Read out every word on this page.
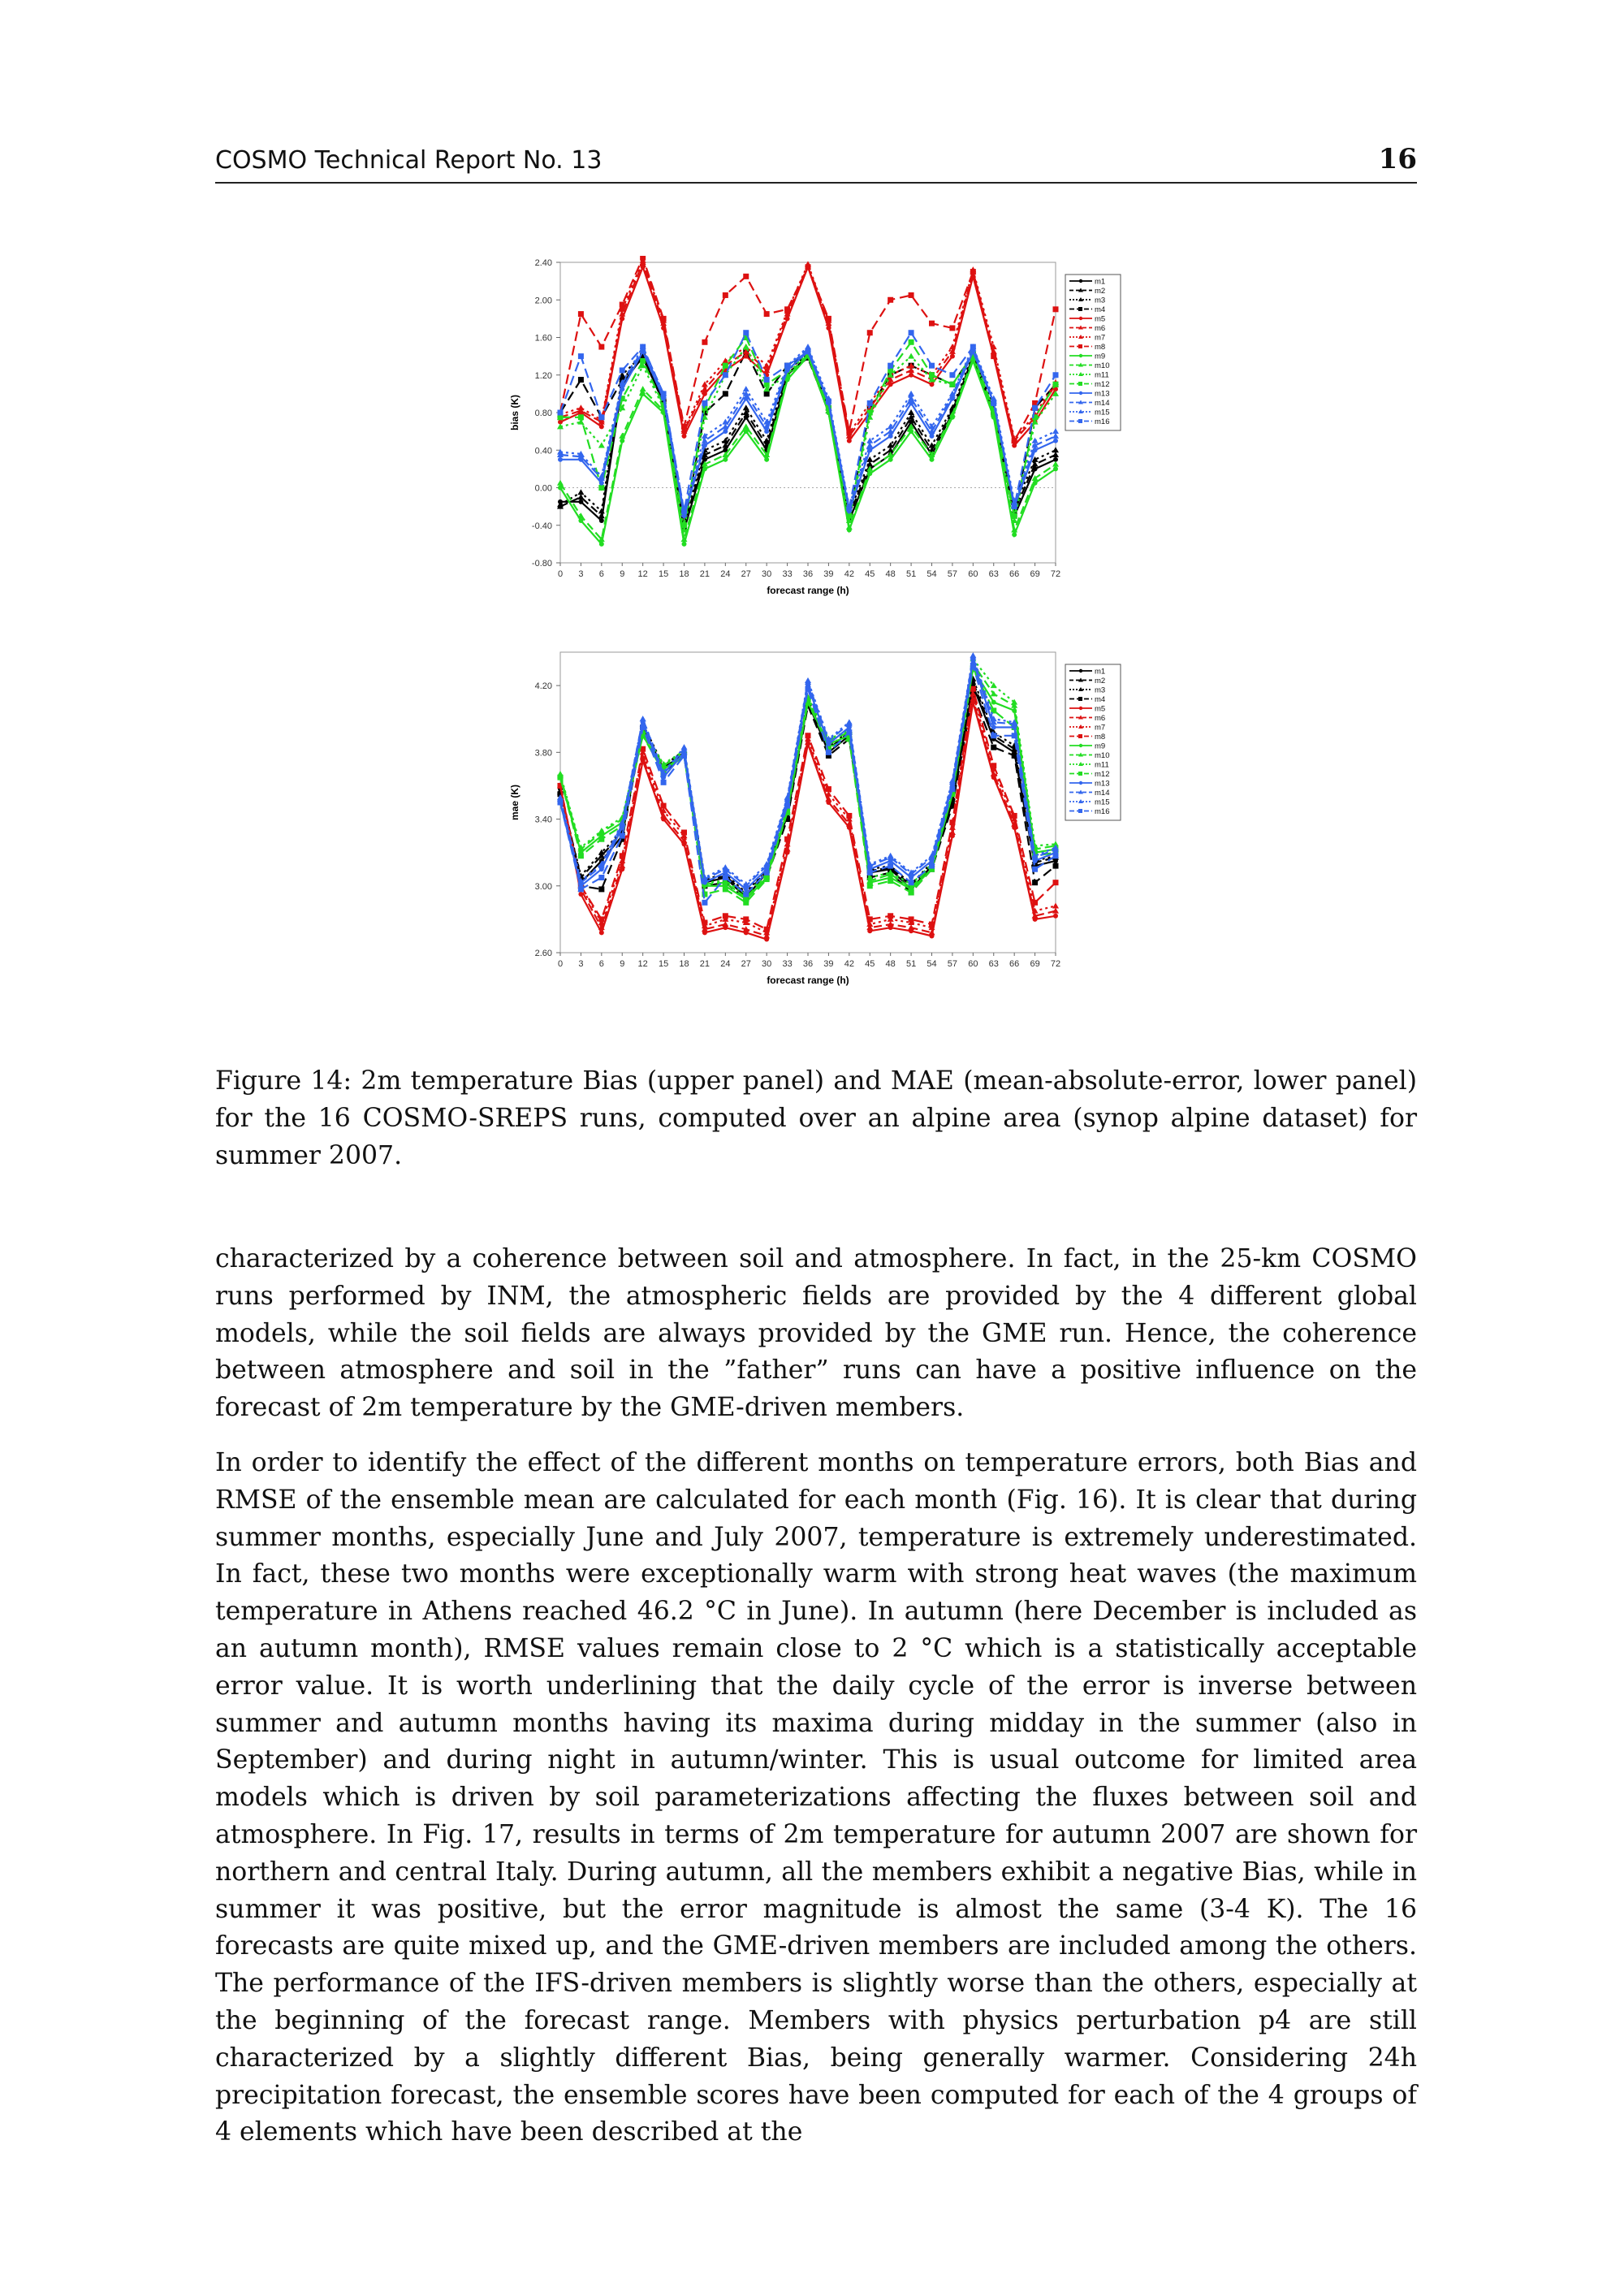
COSMO Technical Report No. 13	16
2.40
2.00
1.60
1.20
0.80
0.40
0.00
-0.40
-0.80
0 3 6 9 12 15 18 21 24 27 30 33 36 39 42 45 48 51 54 57 60 63 66 69 72
forecast range (h)
bias (K)
m1
m2
m3
m4
m5
m6
m7
m8
m9
m10
m11
m12
m13
m14
m15
m16
4.20
3.80
3.40
3.00
2.60
0 3 6 9 12 15 18 21 24 27 30 33 36 39 42 45 48 51 54 57 60 63 66 69 72
forecast range (h)
mae (K)
m1
m2
m3
m4
m5
m6
m7
m8
m9
m10
m11
m12
m13
m14
m15
m16
Figure 14: 2m temperature Bias (upper panel) and MAE (mean-absolute-error, lower panel) for the 16 COSMO-SREPS runs, computed over an alpine area (synop alpine dataset) for summer 2007.

characterized by a coherence between soil and atmosphere. In fact, in the 25-km COSMO runs performed by INM, the atmospheric fields are provided by the 4 different global models, while the soil fields are always provided by the GME run. Hence, the coherence between atmosphere and soil in the ”father” runs can have a positive influence on the forecast of 2m temperature by the GME-driven members.

In order to identify the effect of the different months on temperature errors, both Bias and RMSE of the ensemble mean are calculated for each month (Fig. 16). It is clear that during summer months, especially June and July 2007, temperature is extremely underestimated. In fact, these two months were exceptionally warm with strong heat waves (the maximum temperature in Athens reached 46.2 °C in June). In autumn (here December is included as an autumn month), RMSE values remain close to 2 °C which is a statistically acceptable error value. It is worth underlining that the daily cycle of the error is inverse between summer and autumn months having its maxima during midday in the summer (also in September) and during night in autumn/winter. This is usual outcome for limited area models which is driven by soil parameterizations affecting the fluxes between soil and atmosphere. In Fig. 17, results in terms of 2m temperature for autumn 2007 are shown for northern and central Italy. During autumn, all the members exhibit a negative Bias, while in summer it was positive, but the error magnitude is almost the same (3-4 K). The 16 forecasts are quite mixed up, and the GME-driven members are included among the others. The performance of the IFS-driven members is slightly worse than the others, especially at the beginning of the forecast range. Members with physics perturbation p4 are still characterized by a slightly different Bias, being generally warmer. Considering 24h precipitation forecast, the ensemble scores have been computed for each of the 4 groups of 4 elements which have been described at the
